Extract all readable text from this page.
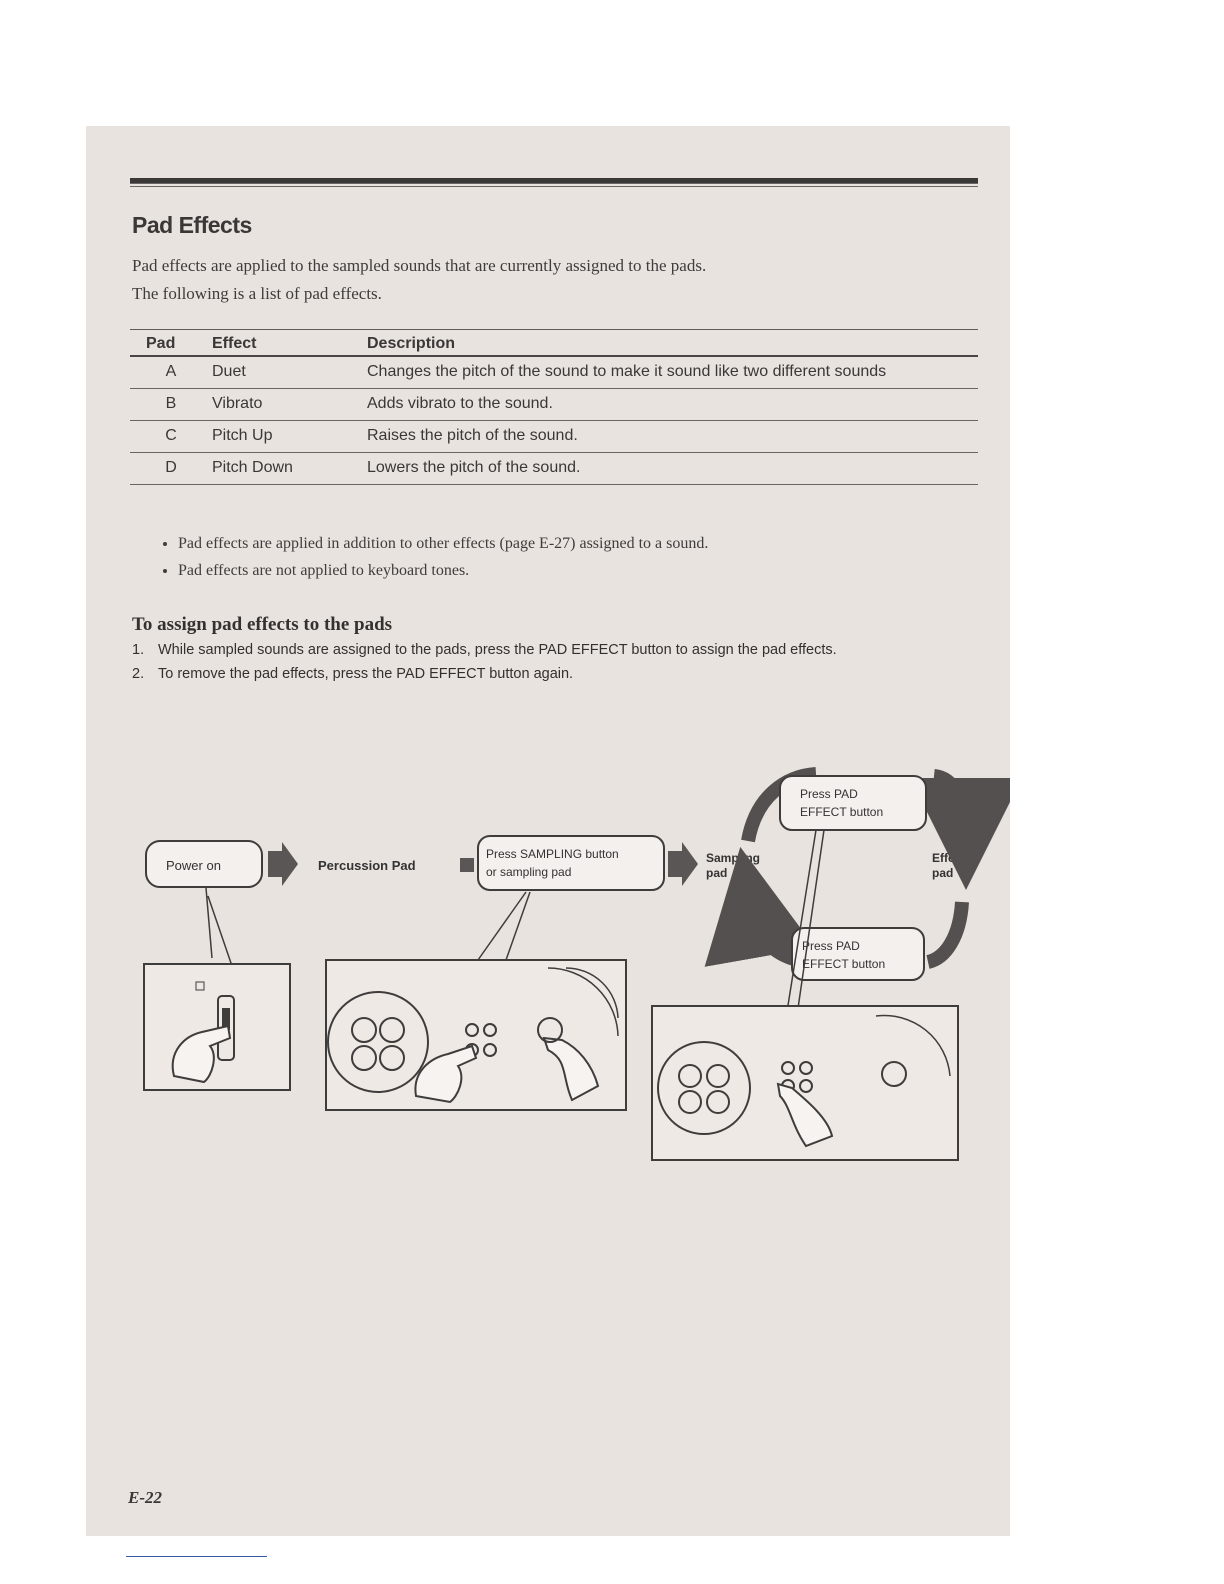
Pad Effects

Pad effects are applied to the sampled sounds that are currently assigned to the pads.
The following is a list of pad effects.

Pad	Effect	Description
A	Duet	Changes the pitch of the sound to make it sound like two different sounds
B	Vibrato	Adds vibrato to the sound.
C	Pitch Up	Raises the pitch of the sound.
D	Pitch Down	Lowers the pitch of the sound.
• Pad effects are applied in addition to other effects (page E-27) assigned to a sound.
• Pad effects are not applied to keyboard tones.
To assign pad effects to the pads
1. While sampled sounds are assigned to the pads, press the PAD EFFECT button to assign the pad effects.
2. To remove the pad effects, press the PAD EFFECT button again.
Power on	Percussion Pad
Press SAMPLING button
or sampling pad
Sampling
pad
Effect
pad
Press PAD
EFFECT button
Press PAD
EFFECT button

E-22
